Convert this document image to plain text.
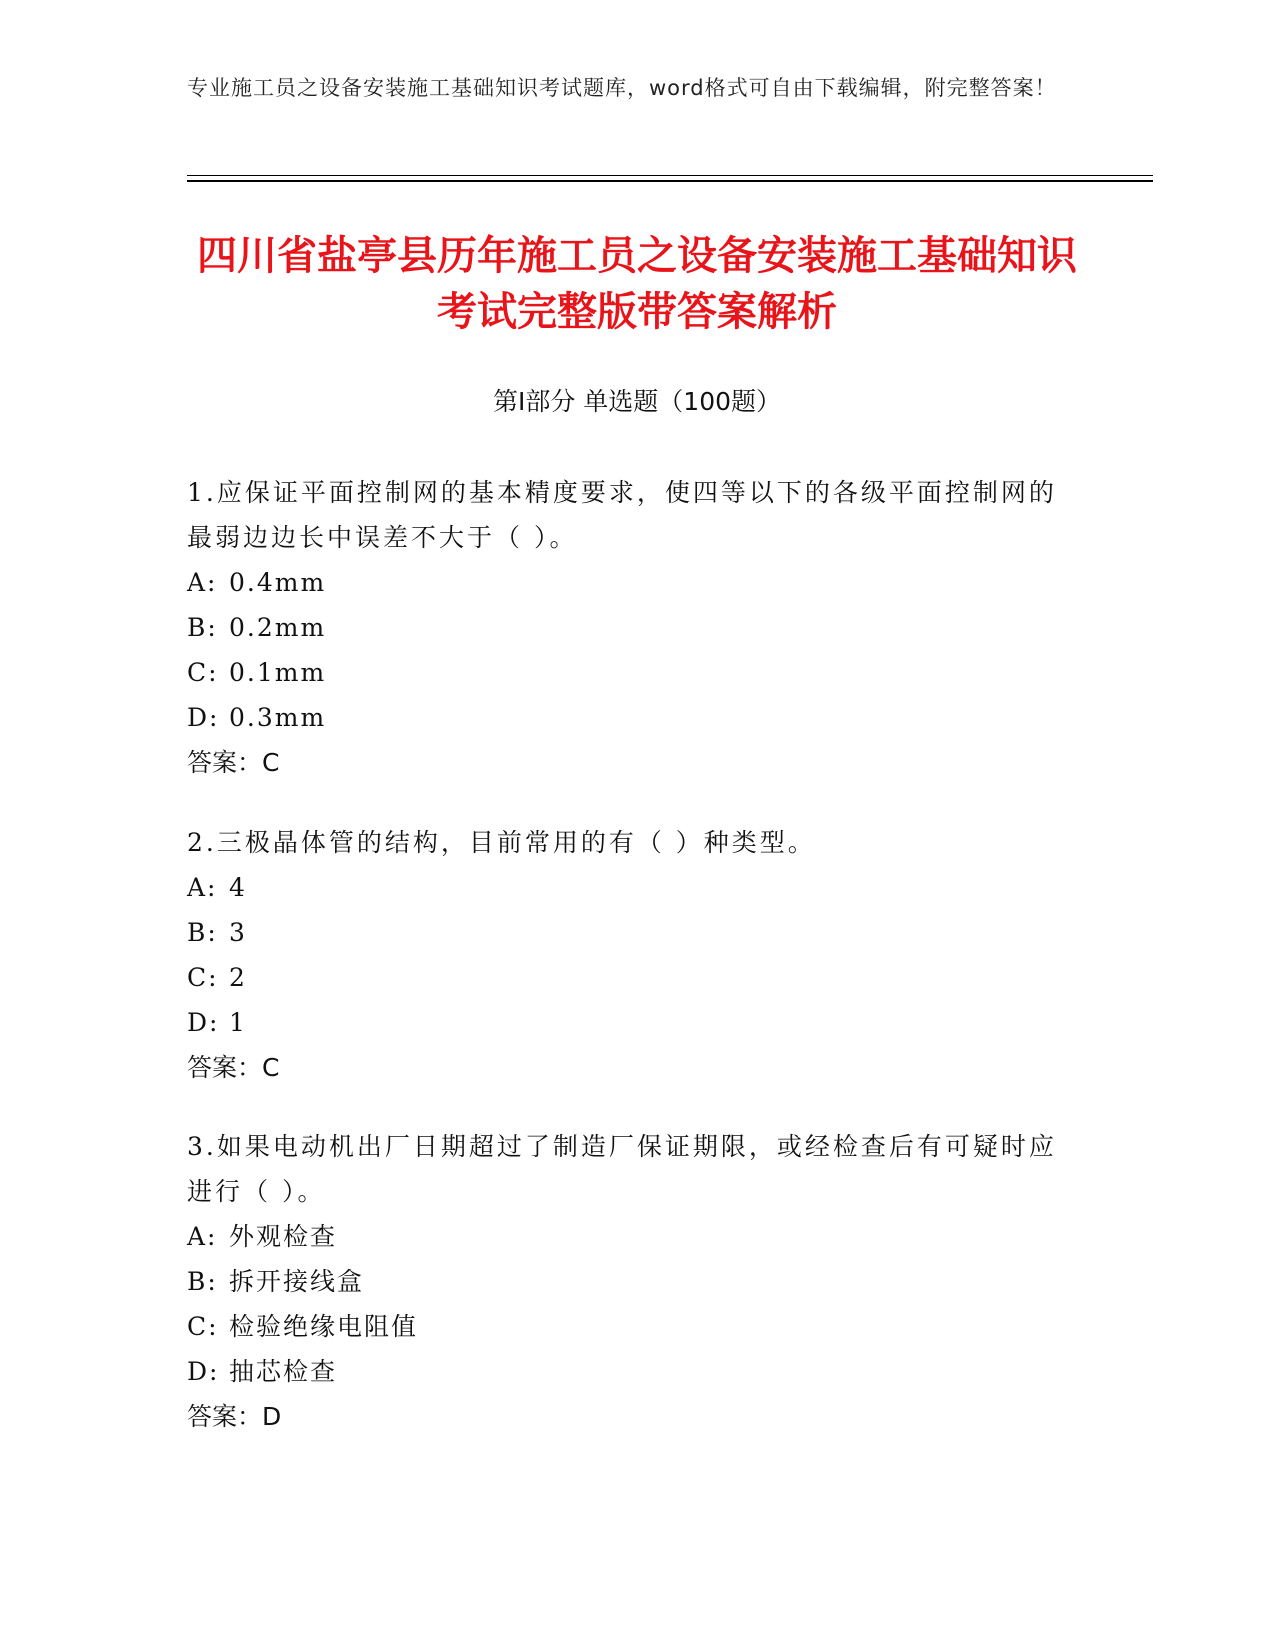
专业施工员之设备安装施工基础知识考试题库，word格式可自由下载编辑，附完整答案！
四川省盐亭县历年施工员之设备安装施工基础知识考试完整版带答案解析
第Ⅰ部分 单选题（100题）
1.应保证平面控制网的基本精度要求，使四等以下的各级平面控制网的最弱边边长中误差不大于（ ）。
A: 0.4mm
B: 0.2mm
C: 0.1mm
D: 0.3mm
答案：C
2.三极晶体管的结构，目前常用的有（ ）种类型。
A: 4
B: 3
C: 2
D: 1
答案：C
3.如果电动机出厂日期超过了制造厂保证期限，或经检查后有可疑时应进行（ ）。
A: 外观检查
B: 拆开接线盒
C: 检验绝缘电阻值
D: 抽芯检查
答案：D
